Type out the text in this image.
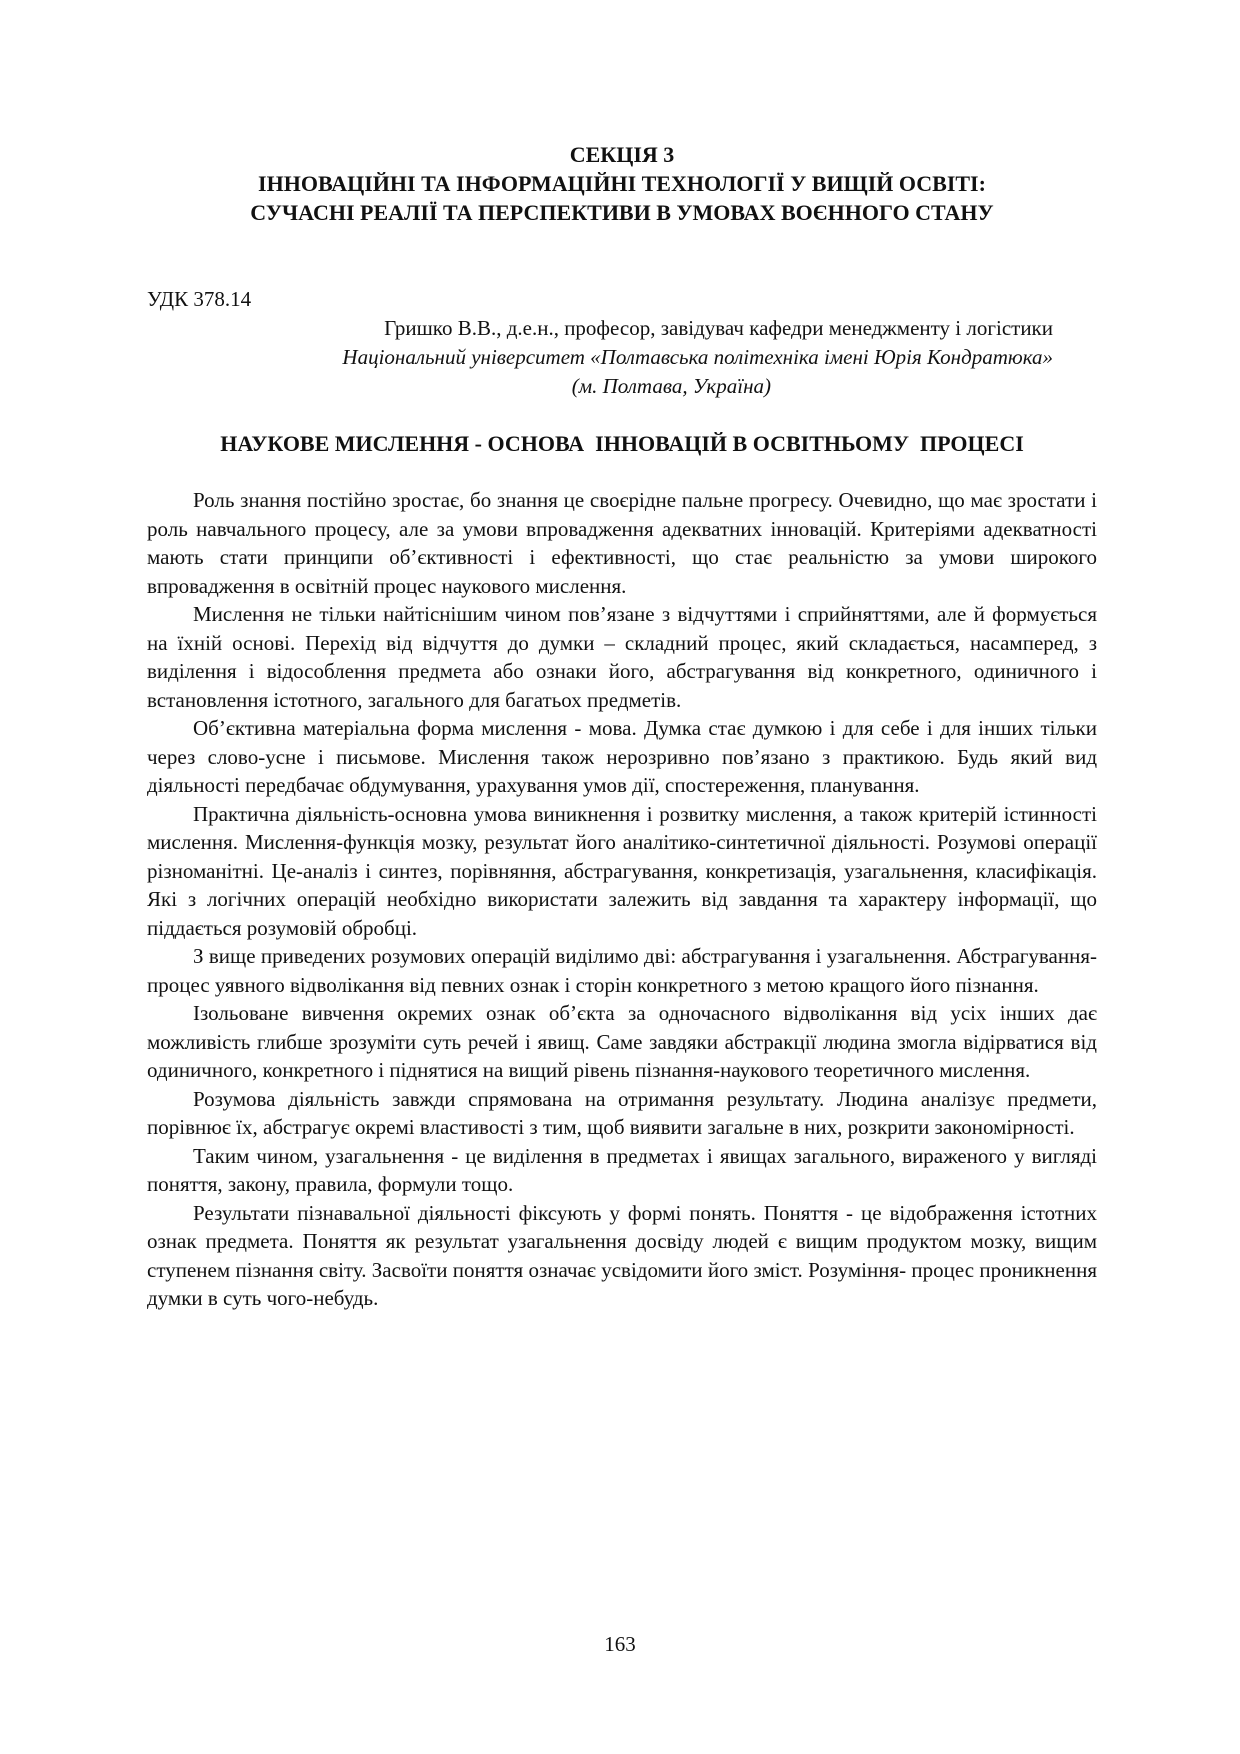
СЕКЦІЯ 3
ІННОВАЦІЙНІ ТА ІНФОРМАЦІЙНІ ТЕХНОЛОГІЇ У ВИЩІЙ ОСВІТІ:
СУЧАСНІ РЕАЛІЇ ТА ПЕРСПЕКТИВИ В УМОВАХ ВОЄННОГО СТАНУ
УДК 378.14
Гришко В.В., д.е.н., професор, завідувач кафедри менеджменту і логістики
Національний університет «Полтавська політехніка імені Юрія Кондратюка»
(м. Полтава, Україна)
НАУКОВЕ МИСЛЕННЯ - ОСНОВА  ІННОВАЦІЙ В ОСВІТНЬОМУ  ПРОЦЕСІ

Роль знання постійно зростає, бо знання це своєрідне пальне прогресу. Очевидно, що має зростати і роль навчального процесу, але за умови впровадження адекватних інновацій. Критеріями адекватності мають стати принципи об’єктивності і ефективності, що стає реальністю за умови широкого впровадження в освітній процес наукового мислення.

Мислення не тільки найтіснішим чином пов’язане з відчуттями і сприйняттями, але й формується на їхній основі. Перехід від відчуття до думки – складний процес, який складається, насамперед, з виділення і відособлення предмета або ознаки його, абстрагування від конкретного, одиничного і встановлення істотного, загального для багатьох предметів.

Об’єктивна матеріальна форма мислення - мова. Думка стає думкою і для себе і для інших тільки через слово-усне і письмове. Мислення також нерозривно пов’язано з практикою. Будь який вид діяльності передбачає обдумування, урахування умов дії, спостереження, планування.

Практична діяльність-основна умова виникнення і розвитку мислення, а також критерій істинності мислення. Мислення-функція мозку, результат його аналітико-синтетичної діяльності. Розумові операції різноманітні. Це-аналіз і синтез, порівняння, абстрагування, конкретизація, узагальнення, класифікація. Які з логічних операцій необхідно використати залежить від завдання та характеру інформації, що піддається розумовій обробці.

З вище приведених розумових операцій виділимо дві: абстрагування і узагальнення. Абстрагування-процес уявного відволікання від певних ознак і сторін конкретного з метою кращого його пізнання.

Ізольоване вивчення окремих ознак об’єкта за одночасного відволікання від усіх інших дає можливість глибше зрозуміти суть речей і явищ. Саме завдяки абстракції людина змогла відірватися від одиничного, конкретного і піднятися на вищий рівень пізнання-наукового теоретичного мислення.

Розумова діяльність завжди спрямована на отримання результату. Людина аналізує предмети, порівнює їх, абстрагує окремі властивості з тим, щоб виявити загальне в них, розкрити закономірності.

Таким чином, узагальнення - це виділення в предметах і явищах загального, вираженого у вигляді поняття, закону, правила, формули тощо.

Результати пізнавальної діяльності фіксують у формі понять. Поняття - це відображення істотних ознак предмета. Поняття як результат узагальнення досвіду людей є вищим продуктом мозку, вищим ступенем пізнання світу. Засвоїти поняття означає усвідомити його зміст. Розуміння- процес проникнення думки в суть чого-небудь.

163
